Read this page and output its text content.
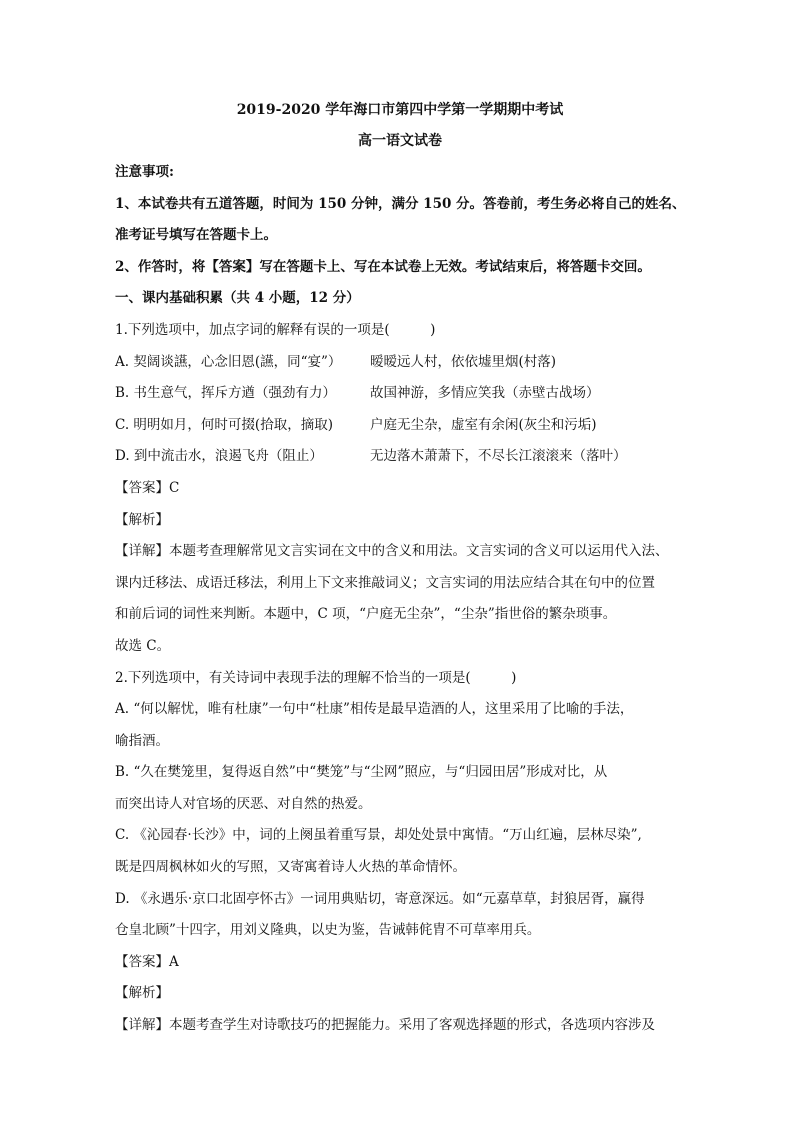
2019-2020 学年海口市第四中学第一学期期中考试

高一语文试卷

注意事项:

1、本试卷共有五道答题，时间为 150 分钟，满分 150 分。答卷前，考生务必将自己的姓名、

准考证号填写在答题卡上。

2、作答时，将【答案】写在答题卡上、写在本试卷上无效。考试结束后，将答题卡交回。

一、课内基础积累（共 4 小题，12 分）

1.下列选项中，加点字词的解释有误的一项是(　　　)

A. 契阔谈讌，心念旧恩(讌，同“宴”）	暧暧远人村，依依墟里烟(村落)
B. 书生意气，挥斥方遒（强劲有力）	故国神游，多情应笑我（赤壁古战场）
C. 明明如月，何时可掇(拾取，摘取)	户庭无尘杂，虚室有余闲(灰尘和污垢)
D. 到中流击水，浪遏飞舟（阻止）	无边落木萧萧下，不尽长江滚滚来（落叶）

【答案】C

【解析】

【详解】本题考查理解常见文言实词在文中的含义和用法。文言实词的含义可以运用代入法、

课内迁移法、成语迁移法，利用上下文来推敲词义；文言实词的用法应结合其在句中的位置

和前后词的词性来判断。本题中，C 项，“户庭无尘杂”，“尘杂”指世俗的繁杂琐事。

故选 C。

2.下列选项中，有关诗词中表现手法的理解不恰当的一项是(　　　)

A. “何以解忧，唯有杜康”一句中“杜康”相传是最早造酒的人，这里采用了比喻的手法，

喻指酒。

B. “久在樊笼里，复得返自然”中“樊笼”与“尘网”照应，与“归园田居”形成对比，从

而突出诗人对官场的厌恶、对自然的热爱。

C. 《沁园春·长沙》中，词的上阕虽着重写景，却处处景中寓情。“万山红遍，层林尽染”,

既是四周枫林如火的写照，又寄寓着诗人火热的革命情怀。

D. 《永遇乐·京口北固亭怀古》一词用典贴切，寄意深远。如“元嘉草草，封狼居胥，赢得

仓皇北顾”十四字，用刘义隆典，以史为鉴，告诫韩侂胄不可草率用兵。

【答案】A

【解析】

【详解】本题考查学生对诗歌技巧的把握能力。采用了客观选择题的形式，各选项内容涉及
